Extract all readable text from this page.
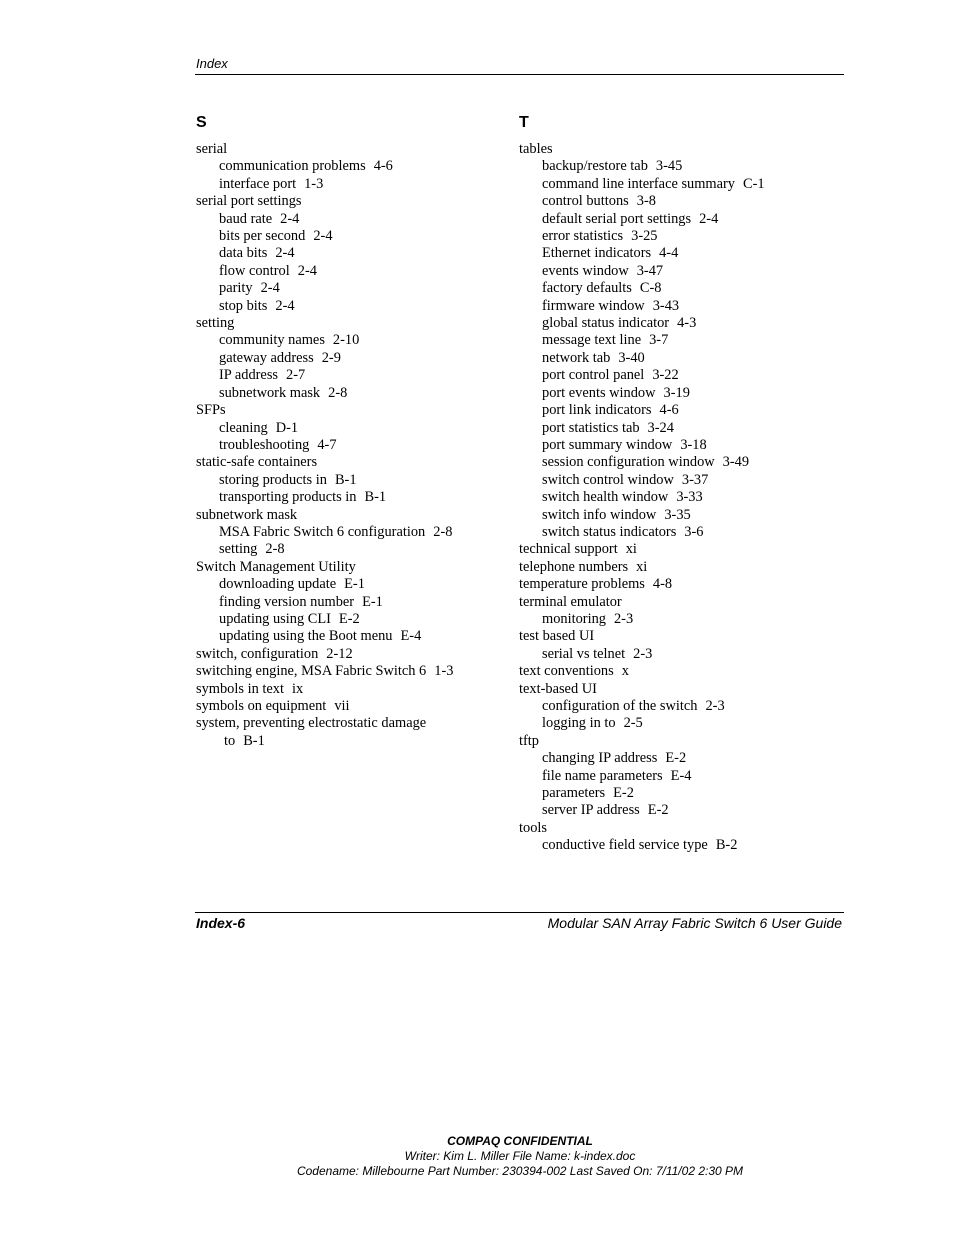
Index
S
serial
communication problems 4-6
interface port 1-3
serial port settings
baud rate 2-4
bits per second 2-4
data bits 2-4
flow control 2-4
parity 2-4
stop bits 2-4
setting
community names 2-10
gateway address 2-9
IP address 2-7
subnetwork mask 2-8
SFPs
cleaning D-1
troubleshooting 4-7
static-safe containers
storing products in B-1
transporting products in B-1
subnetwork mask
MSA Fabric Switch 6 configuration 2-8
setting 2-8
Switch Management Utility
downloading update E-1
finding version number E-1
updating using CLI E-2
updating using the Boot menu E-4
switch, configuration 2-12
switching engine, MSA Fabric Switch 6 1-3
symbols in text ix
symbols on equipment vii
system, preventing electrostatic damage
to B-1
T
tables
backup/restore tab 3-45
command line interface summary C-1
control buttons 3-8
default serial port settings 2-4
error statistics 3-25
Ethernet indicators 4-4
events window 3-47
factory defaults C-8
firmware window 3-43
global status indicator 4-3
message text line 3-7
network tab 3-40
port control panel 3-22
port events window 3-19
port link indicators 4-6
port statistics tab 3-24
port summary window 3-18
session configuration window 3-49
switch control window 3-37
switch health window 3-33
switch info window 3-35
switch status indicators 3-6
technical support xi
telephone numbers xi
temperature problems 4-8
terminal emulator
monitoring 2-3
test based UI
serial vs telnet 2-3
text conventions x
text-based UI
configuration of the switch 2-3
logging in to 2-5
tftp
changing IP address E-2
file name parameters E-4
parameters E-2
server IP address E-2
tools
conductive field service type B-2
Index-6	Modular SAN Array Fabric Switch 6 User Guide
COMPAQ CONFIDENTIAL
Writer: Kim L. Miller File Name: k-index.doc
Codename: Millebourne Part Number: 230394-002 Last Saved On: 7/11/02 2:30 PM
